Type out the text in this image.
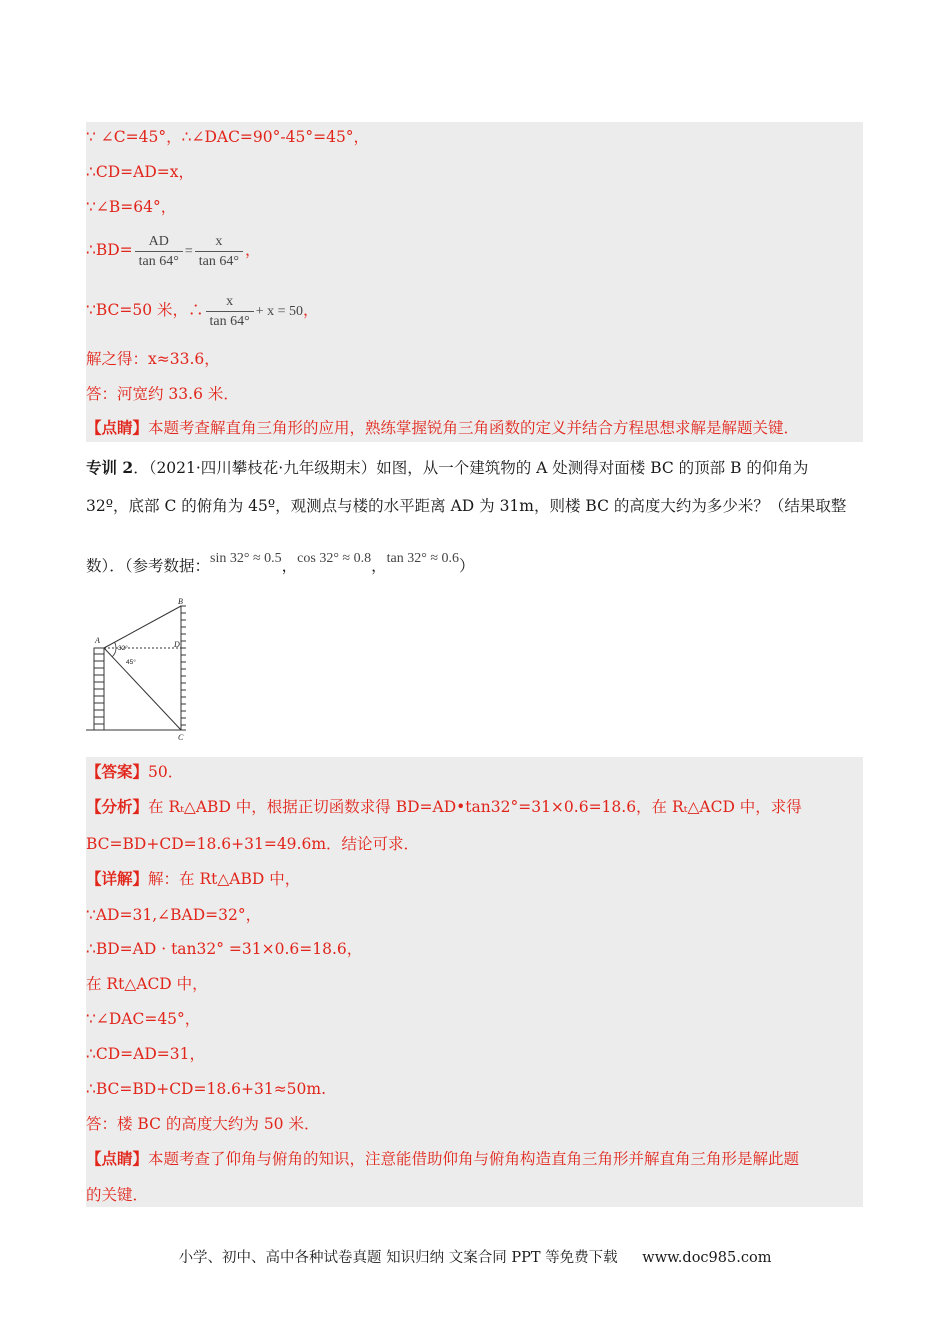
∵ ∠C=45°，∴∠DAC=90°-45°=45°，
∴CD=AD=x，
∵∠B=64°，
∴BD= $\frac{AD}{\tan 64^\circ} = \frac{x}{\tan 64^\circ}$ ，
∵BC=50 米，∴ $\frac{x}{\tan 64^\circ} + x = 50$，
解之得：x≈33.6，
答：河宽约 33.6 米．
【点睛】本题考查解直角三角形的应用，熟练掌握锐角三角函数的定义并结合方程思想求解是解题关键．
专训 2．（2021·四川攀枝花·九年级期末）如图，从一个建筑物的 A 处测得对面楼 BC 的顶部 B 的仰角为
32º，底部 C 的俯角为 45º，观测点与楼的水平距离 AD 为 31m，则楼 BC 的高度大约为多少米？（结果取整
数）．（参考数据：sin 32° ≈ 0.5，cos 32° ≈ 0.8，tan 32° ≈ 0.6）
A
B
C
D
32°
45°
【答案】50．
【分析】在 Rₜ△ABD 中，根据正切函数求得 BD=AD•tan32°=31×0.6=18.6，在 Rₜ△ACD 中，求得
BC=BD+CD=18.6+31=49.6m．结论可求．
【详解】解：在 Rt△ABD 中，
∵AD=31,∠BAD=32°，
∴BD=AD · tan32° =31×0.6=18.6，
在 Rt△ACD 中，
∵∠DAC=45°，
∴CD=AD=31，
∴BC=BD+CD=18.6+31≈50m.
答：楼 BC 的高度大约为 50 米．
【点睛】本题考查了仰角与俯角的知识，注意能借助仰角与俯角构造直角三角形并解直角三角形是解此题
的关键．
小学、初中、高中各种试卷真题 知识归纳 文案合同 PPT 等免费下载 www.doc985.com
